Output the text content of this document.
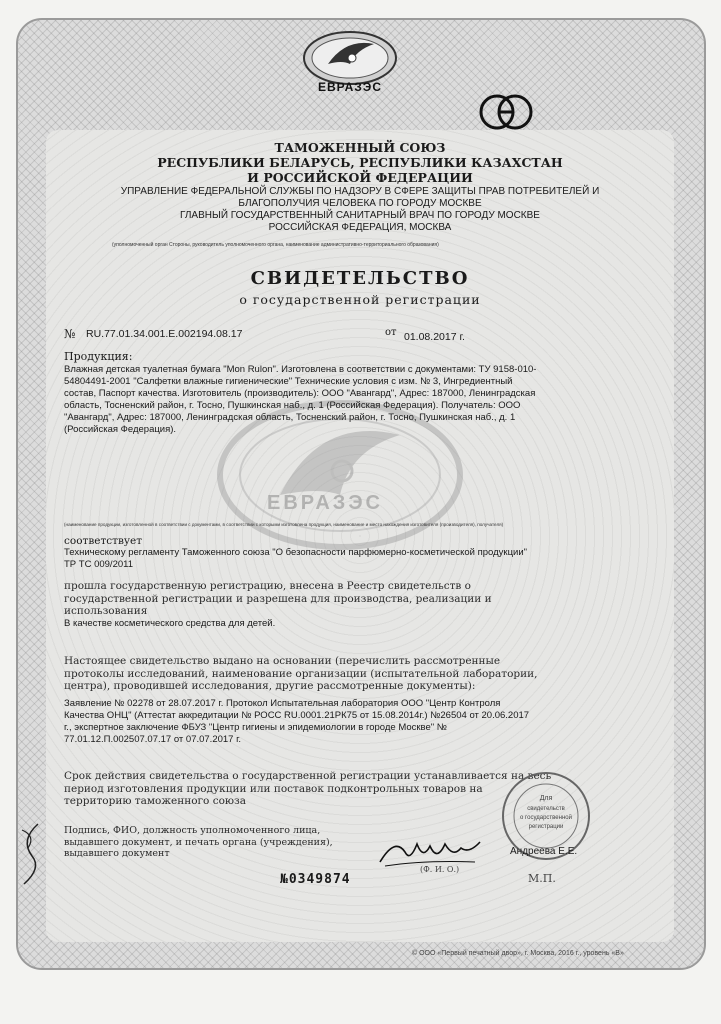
ЕВРАЗЭС
ЕВРАЗЭС
ТАМОЖЕННЫЙ СОЮЗ
РЕСПУБЛИКИ БЕЛАРУСЬ, РЕСПУБЛИКИ КАЗАХСТАН
И РОССИЙСКОЙ ФЕДЕРАЦИИ
УПРАВЛЕНИЕ ФЕДЕРАЛЬНОЙ СЛУЖБЫ ПО НАДЗОРУ В СФЕРЕ ЗАЩИТЫ ПРАВ ПОТРЕБИТЕЛЕЙ И
БЛАГОПОЛУЧИЯ ЧЕЛОВЕКА ПО ГОРОДУ МОСКВЕ
ГЛАВНЫЙ ГОСУДАРСТВЕННЫЙ САНИТАРНЫЙ ВРАЧ ПО ГОРОДУ МОСКВЕ
РОССИЙСКАЯ ФЕДЕРАЦИЯ, МОСКВА
(уполномоченный орган Стороны, руководитель уполномоченного органа, наименование административно-территориального образования)
СВИДЕТЕЛЬСТВО
о государственной регистрации
№ RU.77.01.34.001.Е.002194.08.17	от 01.08.2017 г.
Продукция:
Влажная детская туалетная бумага "Mon Rulon". Изготовлена в соответствии с документами: ТУ 9158-010-
54804491-2001 "Салфетки влажные гигиенические" Технические условия с изм. № 3, Ингредиентный
состав, Паспорт качества. Изготовитель (производитель): ООО "Авангард", Адрес: 187000, Ленинградская
область, Тосненский район, г. Тосно, Пушкинская наб., д. 1 (Российская Федерация). Получатель: ООО
"Авангард", Адрес: 187000, Ленинградская область, Тосненский район, г. Тосно, Пушкинская наб., д. 1
(Российская Федерация).
(наименование продукции, изготовленной в соответствии с документами, в соответствии с которыми изготовлена продукция, наименование и место нахождения изготовителя (производителя), получателя)
соответствует
Техническому регламенту Таможенного союза "О безопасности парфюмерно-косметической продукции"
ТР ТС 009/2011
прошла государственную регистрацию, внесена в Реестр свидетельств о
государственной регистрации и разрешена для производства, реализации и
использования
В качестве косметического средства для детей.
Настоящее свидетельство выдано на основании (перечислить рассмотренные
протоколы исследований, наименование организации (испытательной лаборатории,
центра), проводившей исследования, другие рассмотренные документы):
Заявление № 02278 от 28.07.2017 г. Протокол Испытательная лаборатория ООО "Центр Контроля
Качества ОНЦ" (Аттестат аккредитации № РОСС RU.0001.21РК75 от 15.08.2014г.) №26504 от 20.06.2017
г., экспертное заключение ФБУЗ "Центр гигиены и эпидемиологии в городе Москве" №
77.01.12.П.002507.07.17 от 07.07.2017 г.
Срок действия свидетельства о государственной регистрации устанавливается на весь
период изготовления продукции или поставок подконтрольных товаров на
территорию таможенного союза
Подпись, ФИО, должность уполномоченного лица,
выдавшего документ, и печать органа (учреждения),
выдавшего документ
Для
свидетельств
о государственной
регистрации
Андреева Е.Е.
(Ф. И. О.)
М.П.
№0349874
© ООО «Первый печатный двор», г. Москва, 2016 г., уровень «В»
